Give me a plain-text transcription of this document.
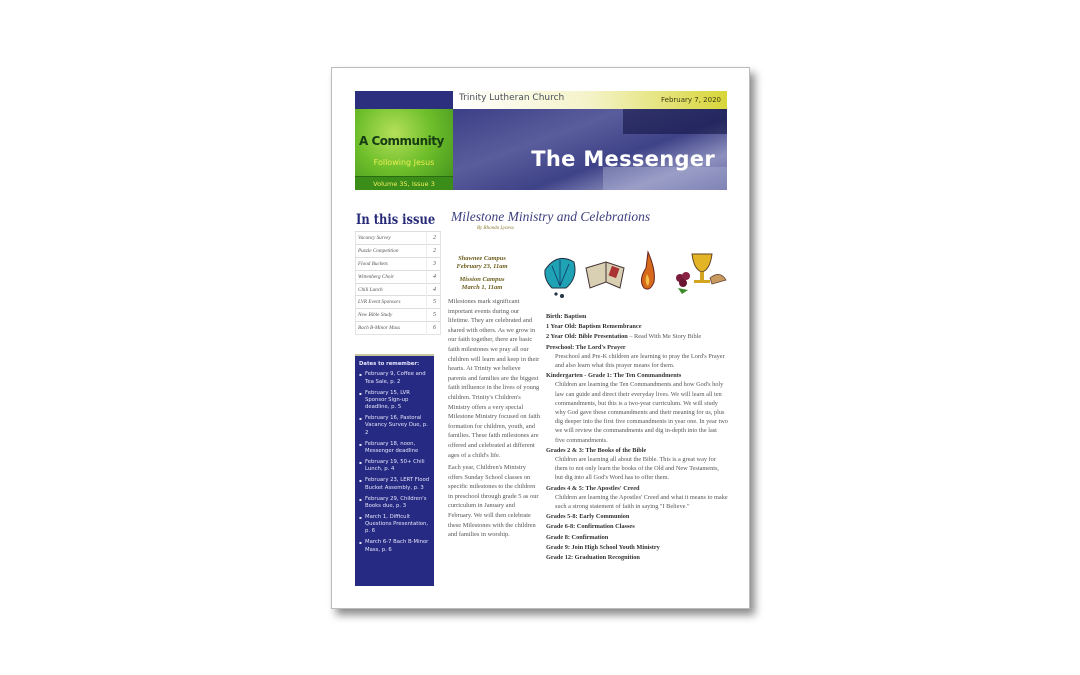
Trinity Lutheran Church	February 7, 2020
A Community
Following Jesus
Volume 35, Issue 3
The Messenger
In this issue
Vacancy Survey	2
Puzzle Competition	2
Flood Buckets	3
Wittenberg Choir	4
Chili Lunch	4
LVR Event Sponsors	5
New Bible Study	5
Bach B-Minor Mass	6
Dates to remember:
▪ February 9, Coffee and Tea Sale, p. 2
▪ February 15, LVR Sponsor Sign-up deadline, p. 5
▪ February 16, Pastoral Vacancy Survey Due, p. 2
▪ February 18, noon, Messenger deadline
▪ February 19, 50+ Chili Lunch, p. 4
▪ February 23, LERT Flood Bucket Assembly, p. 3
▪ February 29, Children's Books due, p. 3
▪ March 1, Difficult Questions Presentation, p. 6
▪ March 6-7 Bach B-Minor Mass, p. 6
Milestone Ministry and Celebrations
By Rhonda Lyness
Shawnee Campus
February 23, 11am
Mission Campus
March 1, 11am

Milestones mark significant important events during our lifetime. They are celebrated and shared with others. As we grow in our faith together, there are basic faith milestones we pray all our children will learn and keep in their hearts. At Trinity we believe parents and families are the biggest faith influence in the lives of young children. Trinity's Children's Ministry offers a very special Milestone Ministry focused on faith formation for children, youth, and families. These faith milestones are offered and celebrated at different ages of a child's life.

Each year, Children's Ministry offers Sunday School classes on specific milestones to the children in preschool through grade 5 as our curriculum in January and February. We will then celebrate these Milestones with the children and families in worship.

Birth: Baptism
1 Year Old: Baptism Remembrance
2 Year Old: Bible Presentation – Read With Me Story Bible
Preschool: The Lord's Prayer
Preschool and Pre-K children are learning to pray the Lord's Prayer and also learn what this prayer means for them.
Kindergarten - Grade 1: The Ten Commandments
Children are learning the Ten Commandments and how God's holy law can guide and direct their everyday lives. We will learn all ten commandments, but this is a two-year curriculum. We will study why God gave these commandments and their meaning for us, plus dig deeper into the first five commandments in year one. In year two we will review the commandments and dig in-depth into the last five commandments.
Grades 2 & 3: The Books of the Bible
Children are learning all about the Bible. This is a great way for them to not only learn the books of the Old and New Testaments, but dig into all God's Word has to offer them.
Grades 4 & 5: The Apostles' Creed
Children are learning the Apostles' Creed and what it means to make such a strong statement of faith in saying "I Believe."
Grades 5-8: Early Communion
Grade 6-8: Confirmation Classes
Grade 8: Confirmation
Grade 9: Join High School Youth Ministry
Grade 12: Graduation Recognition
